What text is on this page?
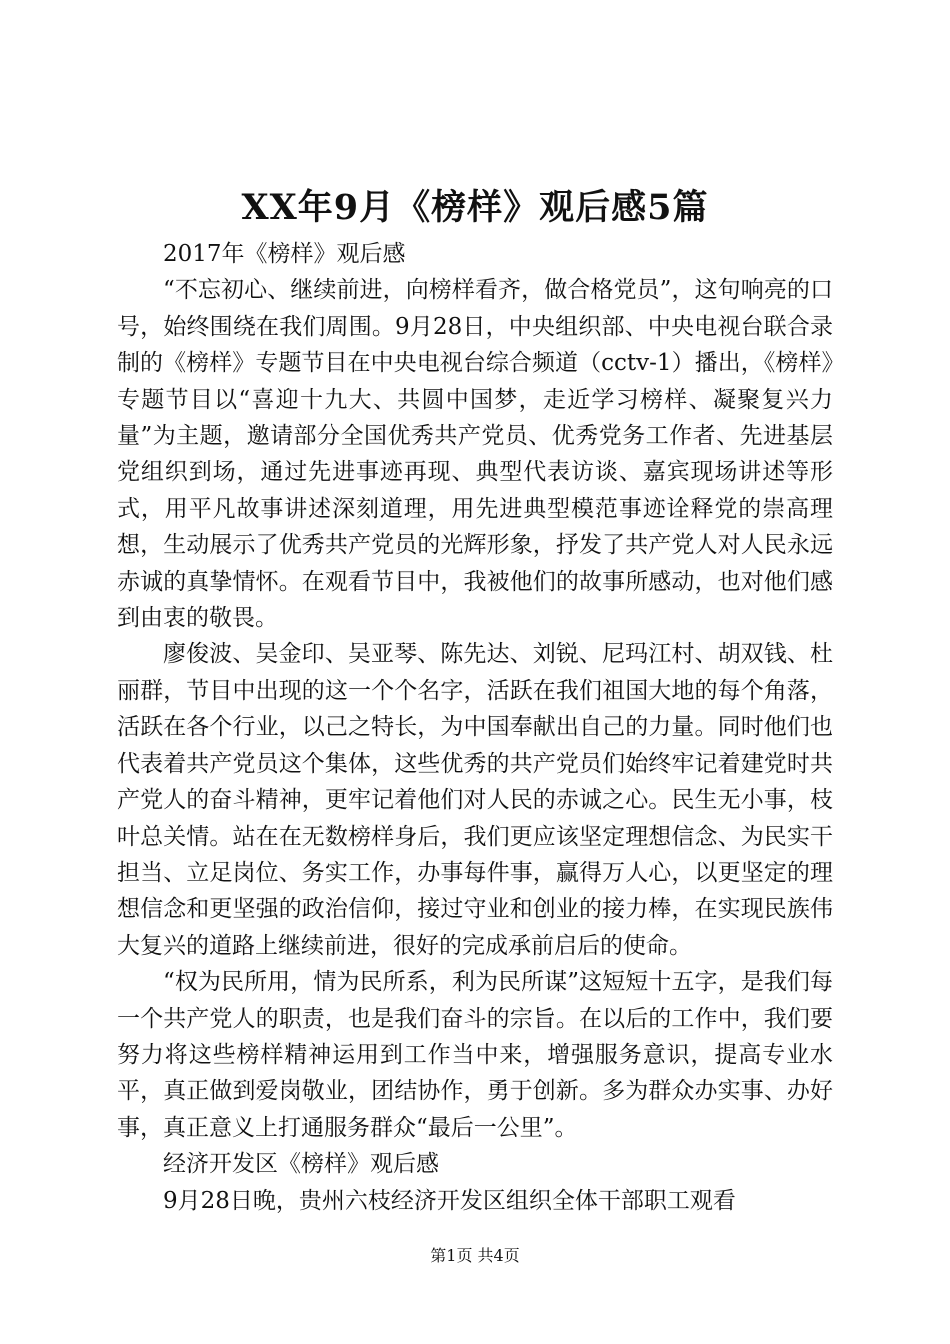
XX年9月《榜样》观后感5篇

2017年《榜样》观后感

“不忘初心、继续前进，向榜样看齐，做合格党员”，这句响亮的口号，始终围绕在我们周围。9月28日，中央组织部、中央电视台联合录制的《榜样》专题节目在中央电视台综合频道（cctv-1）播出，《榜样》专题节目以“喜迎十九大、共圆中国梦，走近学习榜样、凝聚复兴力量”为主题，邀请部分全国优秀共产党员、优秀党务工作者、先进基层党组织到场，通过先进事迹再现、典型代表访谈、嘉宾现场讲述等形式，用平凡故事讲述深刻道理，用先进典型模范事迹诠释党的崇高理想，生动展示了优秀共产党员的光辉形象，抒发了共产党人对人民永远赤诚的真挚情怀。在观看节目中，我被他们的故事所感动，也对他们感到由衷的敬畏。

廖俊波、吴金印、吴亚琴、陈先达、刘锐、尼玛江村、胡双钱、杜丽群，节目中出现的这一个个名字，活跃在我们祖国大地的每个角落，活跃在各个行业，以己之特长，为中国奉献出自己的力量。同时他们也代表着共产党员这个集体，这些优秀的共产党员们始终牢记着建党时共产党人的奋斗精神，更牢记着他们对人民的赤诚之心。民生无小事，枝叶总关情。站在在无数榜样身后，我们更应该坚定理想信念、为民实干担当、立足岗位、务实工作，办事每件事，赢得万人心，以更坚定的理想信念和更坚强的政治信仰，接过守业和创业的接力棒，在实现民族伟大复兴的道路上继续前进，很好的完成承前启后的使命。

“权为民所用，情为民所系，利为民所谋”这短短十五字，是我们每一个共产党人的职责，也是我们奋斗的宗旨。在以后的工作中，我们要努力将这些榜样精神运用到工作当中来，增强服务意识，提高专业水平，真正做到爱岗敬业，团结协作，勇于创新。多为群众办实事、办好事，真正意义上打通服务群众“最后一公里”。

经济开发区《榜样》观后感

9月28日晚，贵州六枝经济开发区组织全体干部职工观看

第1页 共4页
